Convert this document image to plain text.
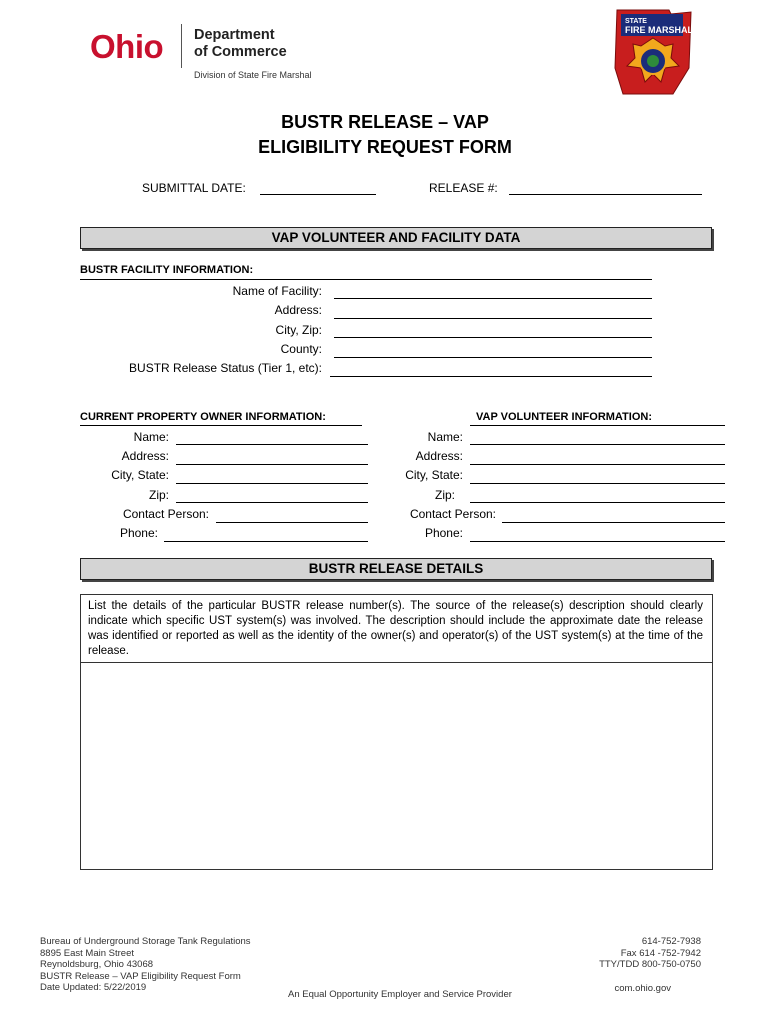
Ohio Department
of Commerce
Division of State Fire Marshal
STATE
FIRE MARSHAL
BUSTR RELEASE – VAP
ELIGIBILITY REQUEST FORM
SUBMITTAL DATE:	RELEASE #:
VAP VOLUNTEER AND FACILITY DATA
BUSTR FACILITY INFORMATION:
Name of Facility:
Address:
City, Zip:
County:
BUSTR Release Status (Tier 1, etc):
CURRENT PROPERTY OWNER INFORMATION:
Name:
Address:
City, State:
Zip:
Contact Person:
Phone:
VAP VOLUNTEER INFORMATION:
Name:
Address:
City, State:
Zip:
Contact Person:
Phone:
BUSTR RELEASE DETAILS
List the details of the particular BUSTR release number(s). The source of the release(s) description should clearly indicate which specific UST system(s) was involved. The description should include the approximate date the release was identified or reported as well as the identity of the owner(s) and operator(s) of the UST system(s) at the time of the release.
Bureau of Underground Storage Tank Regulations
8895 East Main Street
Reynoldsburg, Ohio 43068
BUSTR Release – VAP Eligibility Request Form
Date Updated: 5/22/2019
An Equal Opportunity Employer and Service Provider
614-752-7938
Fax 614 -752-7942
TTY/TDD 800-750-0750
com.ohio.gov
